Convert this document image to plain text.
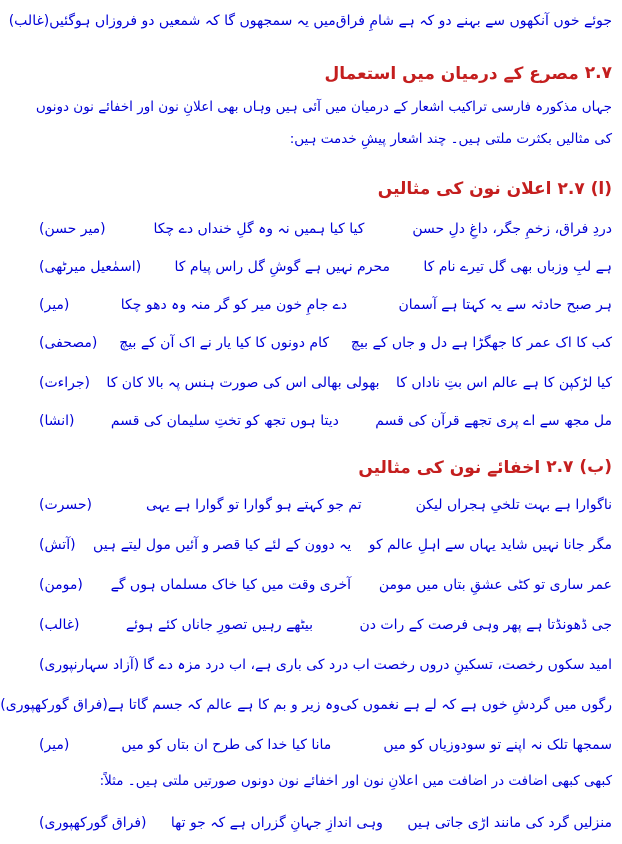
جوئے خوں آنکھوں سے بہنے دو کہ ہے شامِ فراق
میں یہ سمجھوں گا کہ شمعیں دو فروزاں ہوگئیں
(غالب)
۲.۷
مصرع کے درمیان میں استعمال
جہاں مذکورہ فارسی تراکیب اشعار کے درمیان میں آئی ہیں وہاں بھی اعلانِ نون اور اخفائے نون دونوں
کی مثالیں بکثرت ملتی ہیں۔ چند اشعار پیشِ خدمت ہیں:
۲.۷ (ا)
اعلان نون کی مثالیں
دردِ فراق، زخمِ جگر، داغِ دلِ حسن
کیا کیا ہمیں نہ وہ گلِ خنداں دے چکا
(میر حسن)
ہے لبِ وزباں بھی گل تیرے نام کا
محرم نہیں ہے گوشِ گل راس پیام کا
(اسمٰعیل میرٹھی)
ہر صبح حادثہ سے یہ کہتا ہے آسمان
دے جامِ خون میر کو گر منہ وہ دھو چکا
(میر)
کب کا اک عمر کا جھگڑا ہے دل و جاں کے بیچ
کام دونوں کا کیا یار نے اک آن کے بیچ
(مصحفی)
کیا لڑکپن کا ہے عالم اس بتِ ناداں کا
بھولی بھالی اس کی صورت ہنس پہ بالا کان کا
(جراءت)
مل مجھ سے اے پری تجھے قرآن کی قسم
دیتا ہوں تجھ کو تختِ سلیمان کی قسم
(انشا)
۲.۷ (ب)
اخفائے نون کی مثالیں
ناگوارا ہے بہت تلخیِ ہجراں لیکن
تم جو کہتے ہو گوارا تو گوارا ہے یہی
(حسرت)
مگر جانا نہیں شاید یہاں سے اہلِ عالم کو
یہ دوون کے لئے کیا قصر و آئیں مول لیتے ہیں
(آتش)
عمر ساری تو کٹی عشقِ بتاں میں مومن
آخری وقت میں کیا خاک مسلماں ہوں گے
(مومن)
جی ڈھونڈتا ہے پھر وہی فرصت کے رات دن
بیٹھے رہیں تصورِ جاناں کئے ہوئے
(غالب)
امید سکوں رخصت، تسکینِ دروں رخصت
اب درد کی باری ہے، اب درد مزہ دے گا
(آزاد سہارنپوری)
رگوں میں گردشِ خوں ہے کہ لے ہے نغموں کی
وہ زیر و بم کا ہے عالم کہ جسم گاتا ہے
(فراق گورکھپوری)
سمجھا تلک نہ اپنے تو سودوزیاں کو میں
مانا کیا خدا کی طرح ان بتاں کو میں
(میر)
کبھی کبھی اضافت در اضافت میں اعلانِ نون اور اخفائے نون دونوں صورتیں ملتی ہیں۔ مثلاً:
منزلیں گرد کی مانند اڑی جاتی ہیں
وہی اندازِ جہانِ گزراں ہے کہ جو تھا
(فراق گورکھپوری)
